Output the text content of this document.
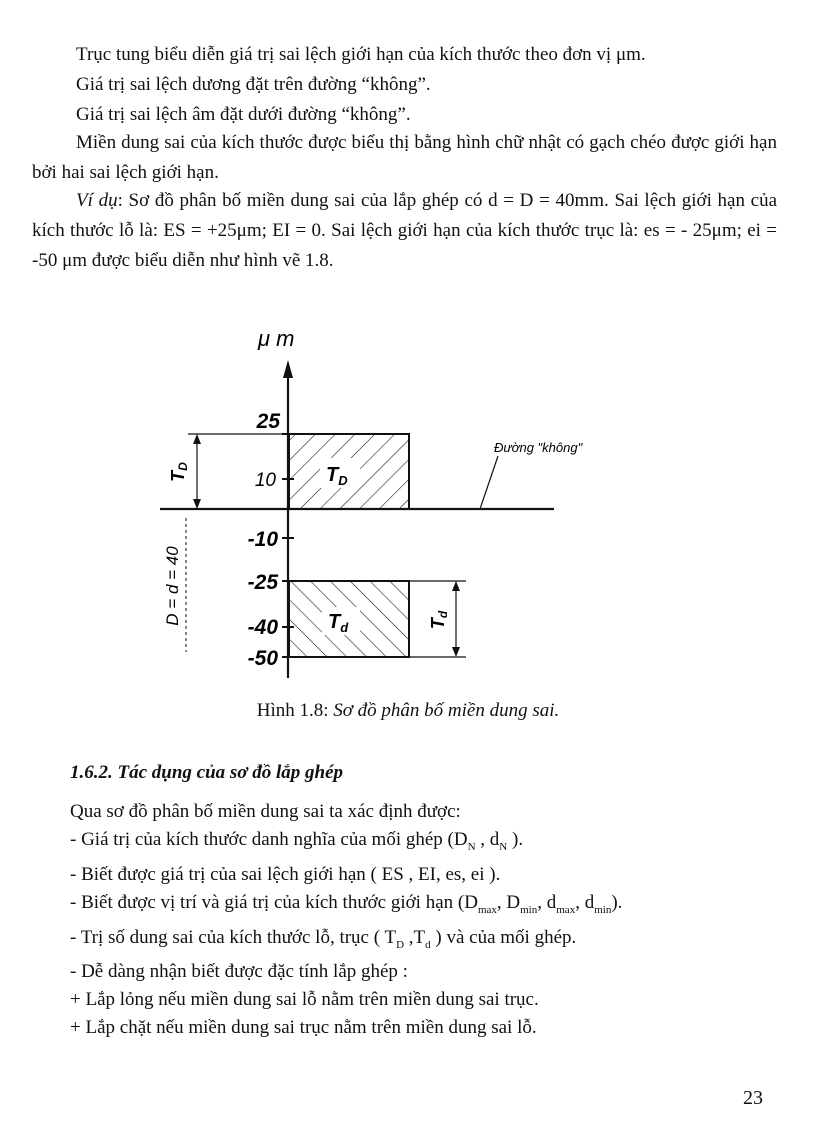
Trục tung biểu diễn giá trị sai lệch giới hạn của kích thước theo đơn vị μm.

Giá trị sai lệch dương đặt trên đường “không”.

Giá trị sai lệch âm đặt dưới đường “không”.

Miền dung sai của kích thước được biểu thị bằng hình chữ nhật có gạch chéo được giới hạn bởi hai sai lệch giới hạn.

Ví dụ: Sơ đồ phân bố miền dung sai của lắp ghép có d = D = 40mm. Sai lệch giới hạn của kích thước lỗ là: ES = +25μm; EI = 0. Sai lệch giới hạn của kích thước trục là: es = - 25μm; ei = -50 μm được biểu diễn như hình vẽ 1.8.

μ m
$T_D$
$T_d$
25
10
-10
-25
-40
-50
TD
D = d = 40	Td
Đường "không"
Hình 1.8: Sơ đồ phân bố miền dung sai.
1.6.2. Tác dụng của sơ đồ lắp ghép

Qua sơ đồ phân bố miền dung sai ta xác định được:

- Giá trị của kích thước danh nghĩa của mối ghép ($D_N$ , $d_N$ ).

- Biết được giá trị của sai lệch giới hạn ( ES , EI, es, ei ).

- Biết được vị trí và giá trị của kích thước giới hạn ($D_{max}$, $D_{min}$, $d_{max}$, $d_{min}$).

- Trị số dung sai của kích thước lỗ, trục ( $T_D$ $,T_d$ ) và của mối ghép.

- Dễ dàng nhận biết được đặc tính lắp ghép :

+ Lắp lỏng nếu miền dung sai lỗ nằm trên miền dung sai trục.

+ Lắp chặt nếu miền dung sai trục nằm trên miền dung sai lỗ.

23
